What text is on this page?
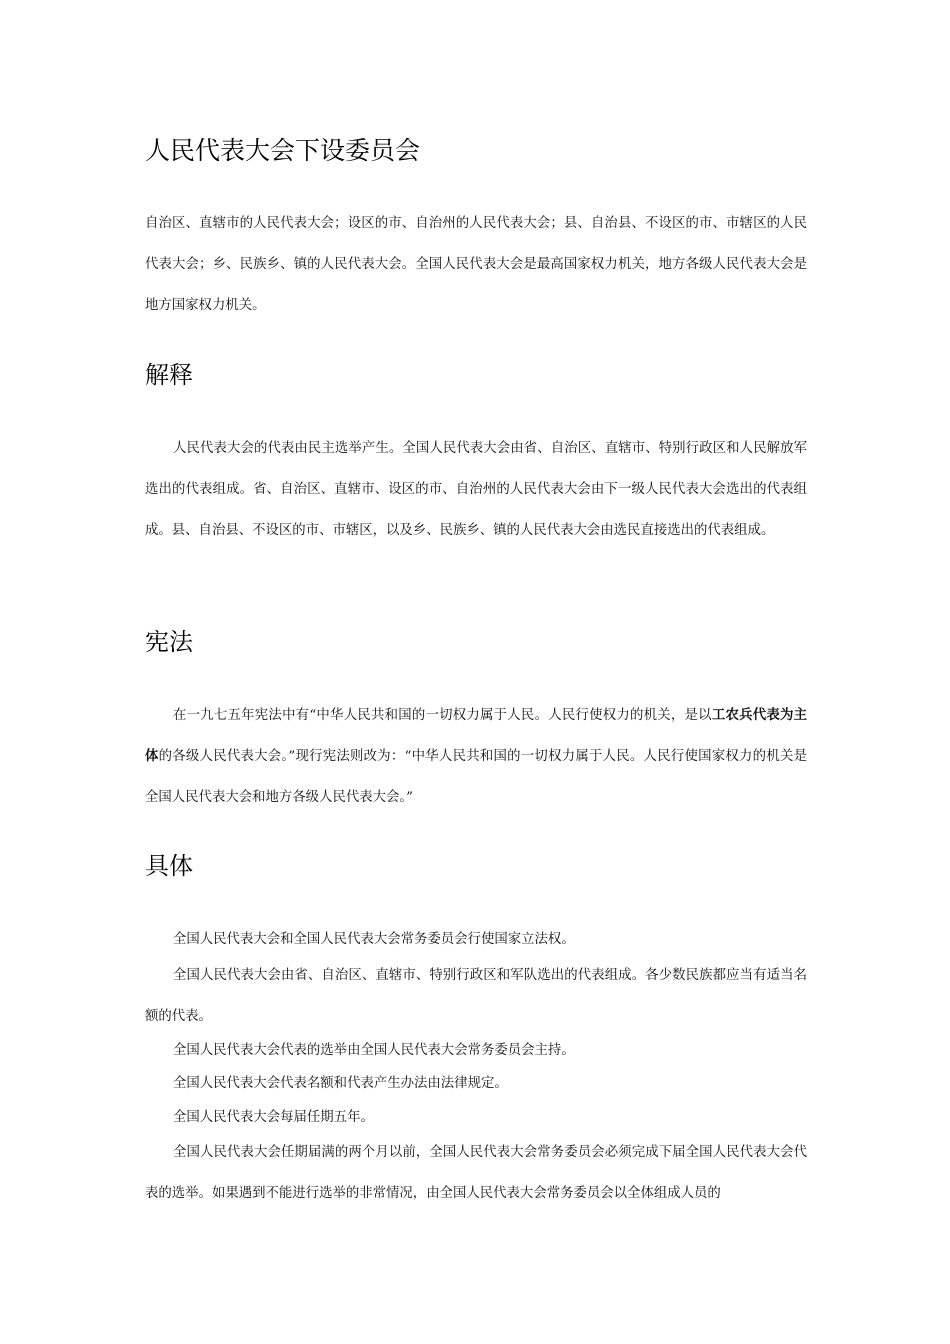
人民代表大会下设委员会

自治区、直辖市的人民代表大会；设区的市、自治州的人民代表大会；县、自治县、不设区的市、市辖区的人民代表大会；乡、民族乡、镇的人民代表大会。全国人民代表大会是最高国家权力机关，地方各级人民代表大会是地方国家权力机关。

解释

人民代表大会的代表由民主选举产生。全国人民代表大会由省、自治区、直辖市、特别行政区和人民解放军选出的代表组成。省、自治区、直辖市、设区的市、自治州的人民代表大会由下一级人民代表大会选出的代表组成。县、自治县、不设区的市、市辖区，以及乡、民族乡、镇的人民代表大会由选民直接选出的代表组成。

宪法

在一九七五年宪法中有“中华人民共和国的一切权力属于人民。人民行使权力的机关，是以工农兵代表为主体的各级人民代表大会。”现行宪法则改为：“中华人民共和国的一切权力属于人民。人民行使国家权力的机关是全国人民代表大会和地方各级人民代表大会。”

具体

全国人民代表大会和全国人民代表大会常务委员会行使国家立法权。

全国人民代表大会由省、自治区、直辖市、特别行政区和军队选出的代表组成。各少数民族都应当有适当名额的代表。

全国人民代表大会代表的选举由全国人民代表大会常务委员会主持。

全国人民代表大会代表名额和代表产生办法由法律规定。

全国人民代表大会每届任期五年。

全国人民代表大会任期届满的两个月以前，全国人民代表大会常务委员会必须完成下届全国人民代表大会代表的选举。如果遇到不能进行选举的非常情况，由全国人民代表大会常务委员会以全体组成人员的
